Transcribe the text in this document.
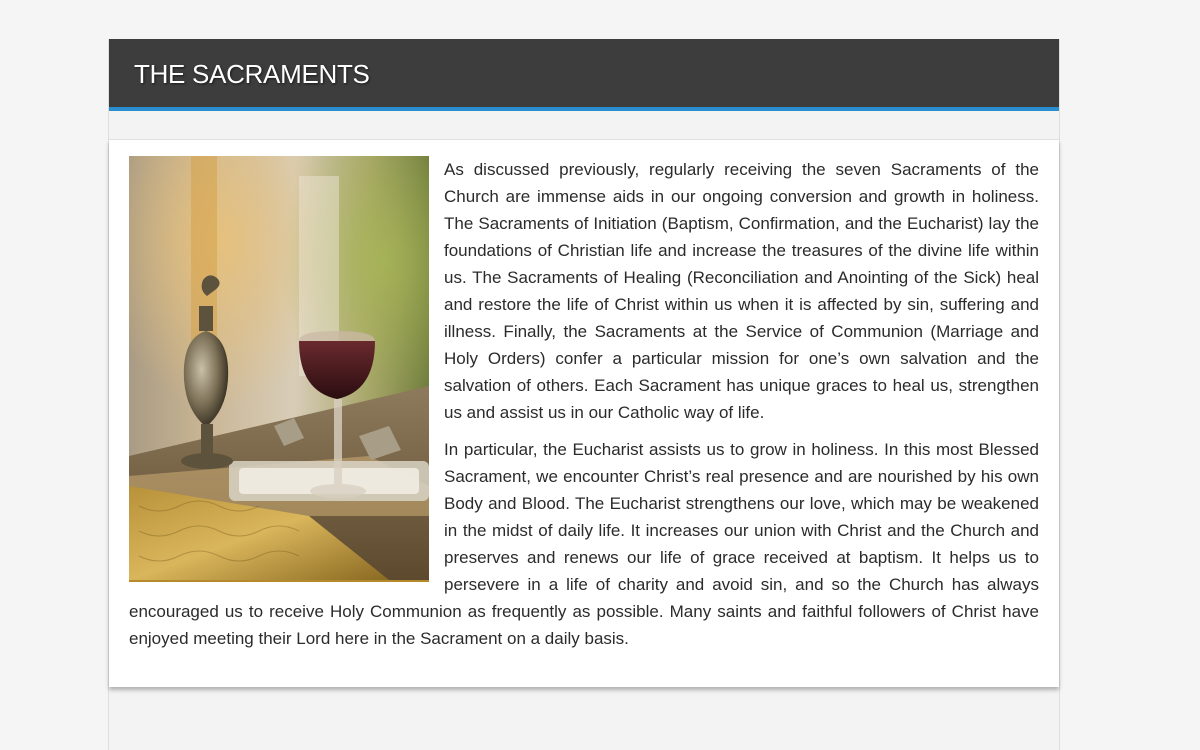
THE SACRAMENTS

As discussed previously, regularly receiving the seven Sacraments of the Church are immense aids in our ongoing conversion and growth in holiness. The Sacraments of Initiation (Baptism, Confirmation, and the Eucharist) lay the foundations of Christian life and increase the treasures of the divine life within us. The Sacraments of Healing (Reconciliation and Anointing of the Sick) heal and restore the life of Christ within us when it is affected by sin, suffering and illness. Finally, the Sacraments at the Service of Communion (Marriage and Holy Orders) confer a particular mission for one’s own salvation and the salvation of others. Each Sacrament has unique graces to heal us, strengthen us and assist us in our Catholic way of life.

In particular, the Eucharist assists us to grow in holiness. In this most Blessed Sacrament, we encounter Christ’s real presence and are nourished by his own Body and Blood. The Eucharist strengthens our love, which may be weakened in the midst of daily life. It increases our union with Christ and the Church and preserves and renews our life of grace received at baptism. It helps us to persevere in a life of charity and avoid sin, and so the Church has always encouraged us to receive Holy Communion as frequently as possible. Many saints and faithful followers of Christ have enjoyed meeting their Lord here in the Sacrament on a daily basis.
